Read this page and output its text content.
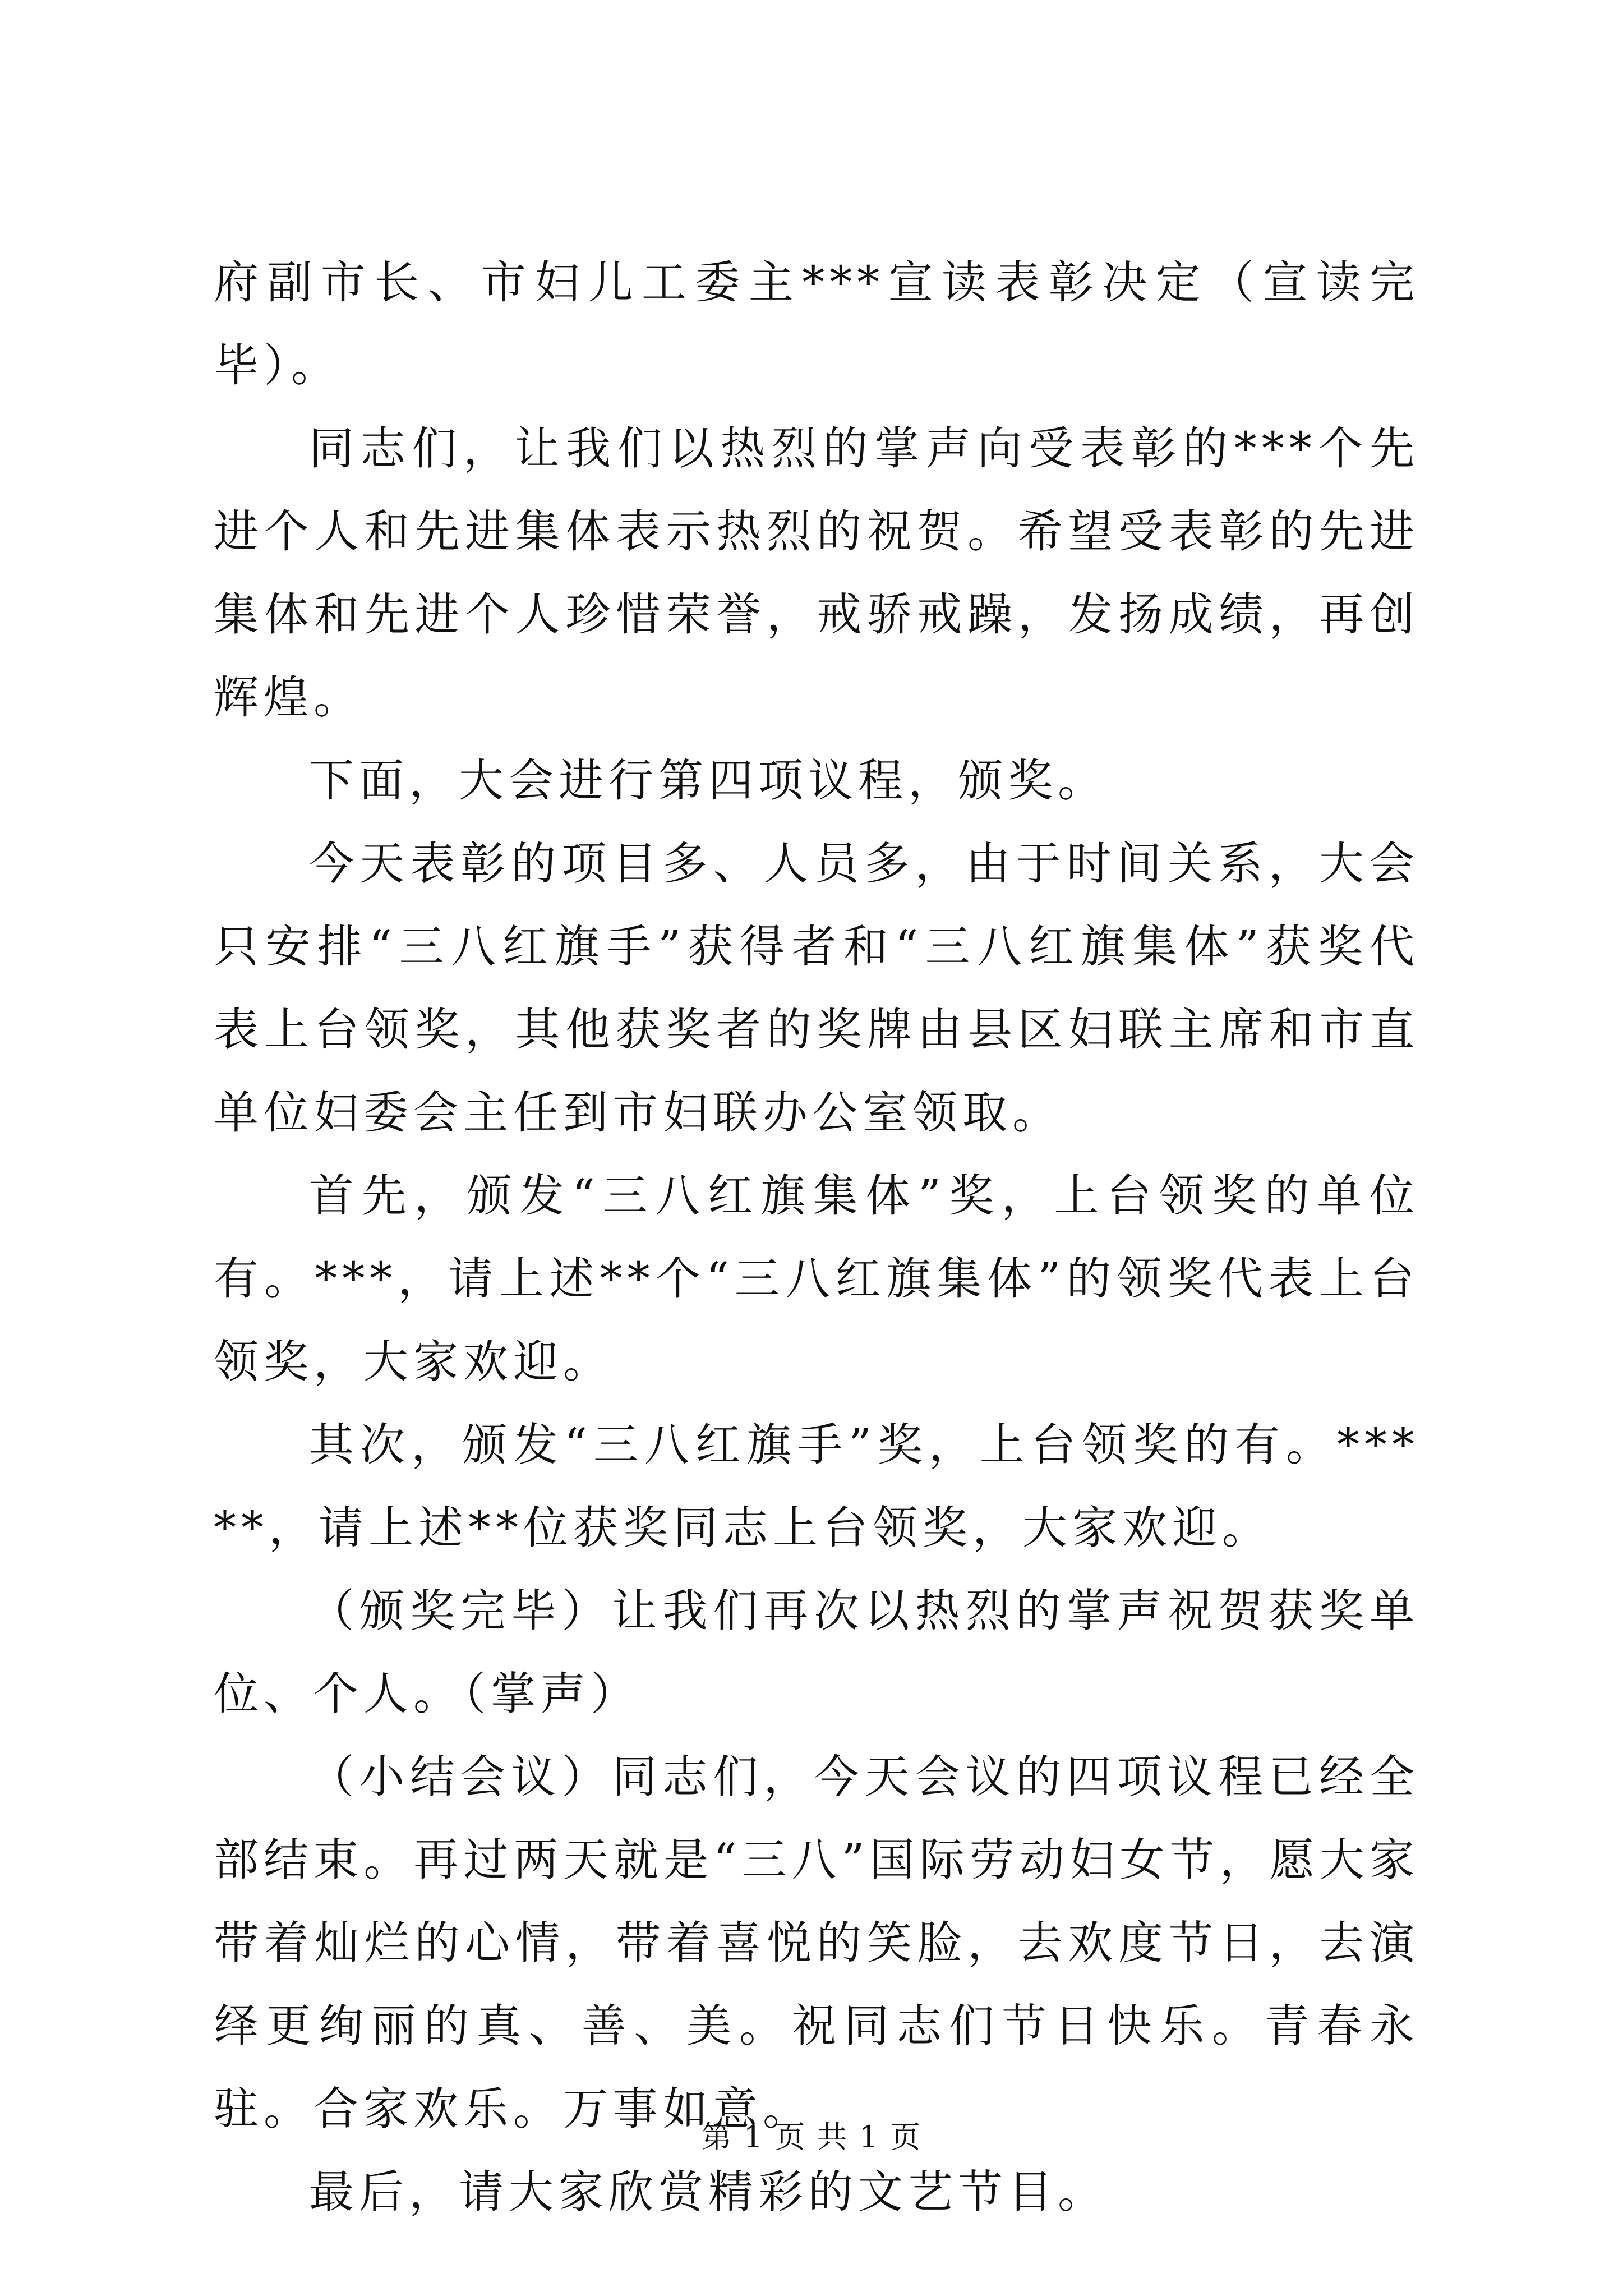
府副市长、市妇儿工委主***宣读表彰决定（宣读完毕）。

同志们，让我们以热烈的掌声向受表彰的***个先进个人和先进集体表示热烈的祝贺。希望受表彰的先进集体和先进个人珍惜荣誉，戒骄戒躁，发扬成绩，再创辉煌。

下面，大会进行第四项议程，颁奖。

今天表彰的项目多、人员多，由于时间关系，大会只安排“三八红旗手”获得者和“三八红旗集体”获奖代表上台领奖，其他获奖者的奖牌由县区妇联主席和市直单位妇委会主任到市妇联办公室领取。

首先，颁发“三八红旗集体”奖，上台领奖的单位有。***，请上述**个“三八红旗集体”的领奖代表上台领奖，大家欢迎。

其次，颁发“三八红旗手”奖，上台领奖的有。*****，请上述**位获奖同志上台领奖，大家欢迎。

（颁奖完毕）让我们再次以热烈的掌声祝贺获奖单位、个人。（掌声）

（小结会议）同志们，今天会议的四项议程已经全部结束。再过两天就是“三八”国际劳动妇女节，愿大家带着灿烂的心情，带着喜悦的笑脸，去欢度节日，去演绎更绚丽的真、善、美。祝同志们节日快乐。青春永驻。合家欢乐。万事如意。

最后，请大家欣赏精彩的文艺节目。

第 1 页 共 1 页
